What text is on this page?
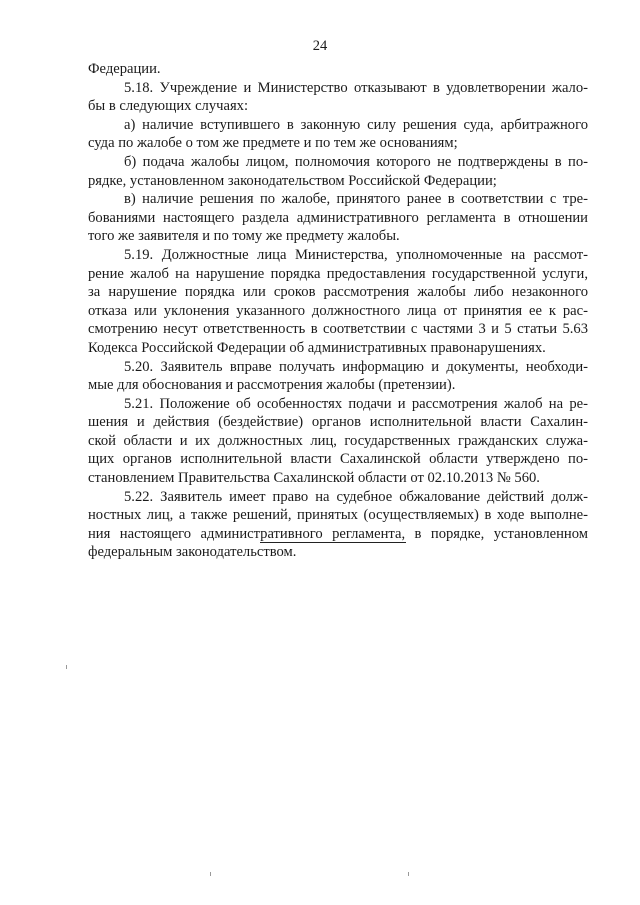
24
Федерации.
5.18. Учреждение и Министерство отказывают в удовлетворении жало-
бы в следующих случаях:
а) наличие вступившего в законную силу решения суда, арбитражного
суда по жалобе о том же предмете и по тем же основаниям;
б) подача жалобы лицом, полномочия которого не подтверждены в по-
рядке, установленном законодательством Российской Федерации;
в) наличие решения по жалобе, принятого ранее в соответствии с тре-
бованиями настоящего раздела административного регламента в отношении
того же заявителя и по тому же предмету жалобы.
5.19. Должностные лица Министерства, уполномоченные на рассмот-
рение жалоб на нарушение порядка предоставления государственной услуги,
за нарушение порядка или сроков рассмотрения жалобы либо незаконного
отказа или уклонения указанного должностного лица от принятия ее к рас-
смотрению несут ответственность в соответствии с частями 3 и 5 статьи 5.63
Кодекса Российской Федерации об административных правонарушениях.
5.20. Заявитель вправе получать информацию и документы, необходи-
мые для обоснования и рассмотрения жалобы (претензии).
5.21. Положение об особенностях подачи и рассмотрения жалоб на ре-
шения и действия (бездействие) органов исполнительной власти Сахалин-
ской области и их должностных лиц, государственных гражданских служа-
щих органов исполнительной власти Сахалинской области утверждено по-
становлением Правительства Сахалинской области от 02.10.2013 № 560.
5.22. Заявитель имеет право на судебное обжалование действий долж-
ностных лиц, а также решений, принятых (осуществляемых) в ходе выполне-
ния настоящего административного регламента, в порядке, установленном
федеральным законодательством.
